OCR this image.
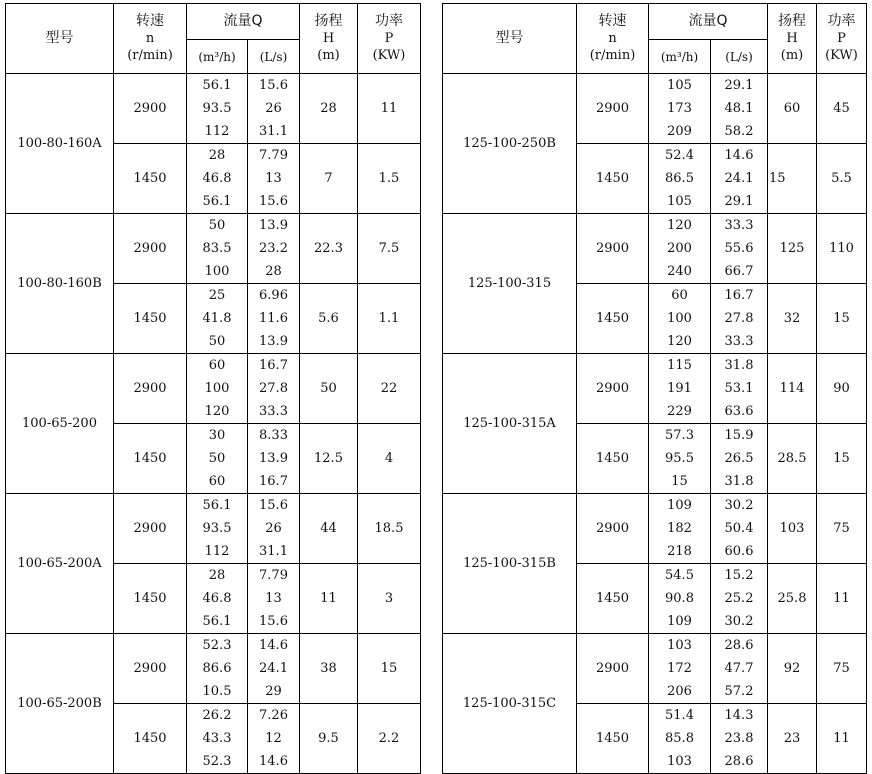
型号	转速
n
(r/min)	流量Q		扬程
H
(m)	功率
P
(KW)

		(m³/h)	(L/s)		
100-80-160A	2900	56.1
93.5
112	15.6
26
31.1	28	11
	1450	28
46.8
56.1	7.79
13
15.6	7	1.5
100-80-160B	2900	50
83.5
100	13.9
23.2
28	22.3	7.5
	1450	25
41.8
50	6.96
11.6
13.9	5.6	1.1
100-65-200	2900	60
100
120	16.7
27.8
33.3	50	22
	1450	30
50
60	8.33
13.9
16.7	12.5	4
100-65-200A	2900	56.1
93.5
112	15.6
26
31.1	44	18.5
	1450	28
46.8
56.1	7.79
13
15.6	11	3
100-65-200B	2900	52.3
86.6
10.5	14.6
24.1
29	38	15
	1450	26.2
43.3
52.3	7.26
12
14.6	9.5	2.2
型号	转速
n
(r/min)	流量Q		扬程
H
(m)	功率
P
(KW)

		(m³/h)	(L/s)		
125-100-250B	2900	105
173
209	29.1
48.1
58.2	60	45
	1450	52.4
86.5
105	14.6
24.1
29.1	15	5.5
125-100-315	2900	120
200
240	33.3
55.6
66.7	125	110
	1450	60
100
120	16.7
27.8
33.3	32	15
125-100-315A	2900	115
191
229	31.8
53.1
63.6	114	90
	1450	57.3
95.5
15	15.9
26.5
31.8	28.5	15
125-100-315B	2900	109
182
218	30.2
50.4
60.6	103	75
	1450	54.5
90.8
109	15.2
25.2
30.2	25.8	11
125-100-315C	2900	103
172
206	28.6
47.7
57.2	92	75
	1450	51.4
85.8
103	14.3
23.8
28.6	23	11
